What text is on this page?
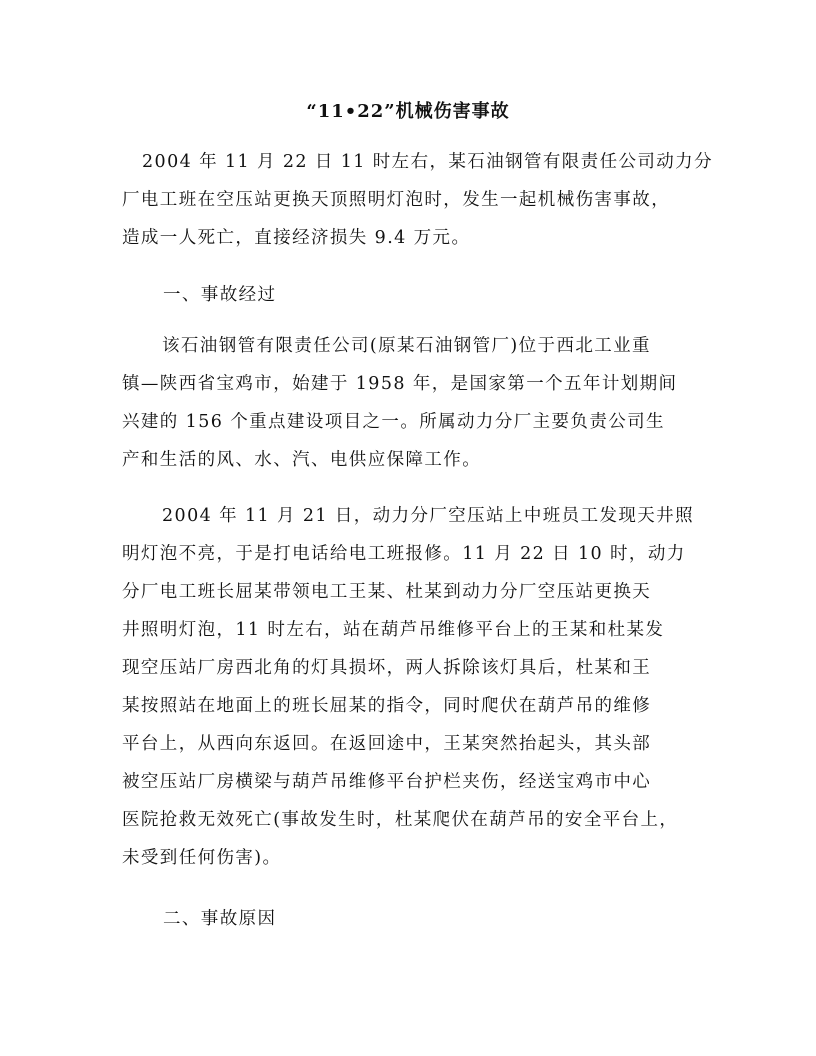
“11•22”机械伤害事故
2004 年 11 月 22 日 11 时左右，某石油钢管有限责任公司动力分
厂电工班在空压站更换天顶照明灯泡时，发生一起机械伤害事故，
造成一人死亡，直接经济损失 9.4 万元。
一、事故经过
该石油钢管有限责任公司(原某石油钢管厂)位于西北工业重
镇—陕西省宝鸡市，始建于 1958 年，是国家第一个五年计划期间
兴建的 156 个重点建设项目之一。所属动力分厂主要负责公司生
产和生活的风、水、汽、电供应保障工作。
2004 年 11 月 21 日，动力分厂空压站上中班员工发现天井照
明灯泡不亮，于是打电话给电工班报修。11 月 22 日 10 时，动力
分厂电工班长屈某带领电工王某、杜某到动力分厂空压站更换天
井照明灯泡，11 时左右，站在葫芦吊维修平台上的王某和杜某发
现空压站厂房西北角的灯具损坏，两人拆除该灯具后，杜某和王
某按照站在地面上的班长屈某的指令，同时爬伏在葫芦吊的维修
平台上，从西向东返回。在返回途中，王某突然抬起头，其头部
被空压站厂房横梁与葫芦吊维修平台护栏夹伤，经送宝鸡市中心
医院抢救无效死亡(事故发生时，杜某爬伏在葫芦吊的安全平台上，
未受到任何伤害)。
二、事故原因
